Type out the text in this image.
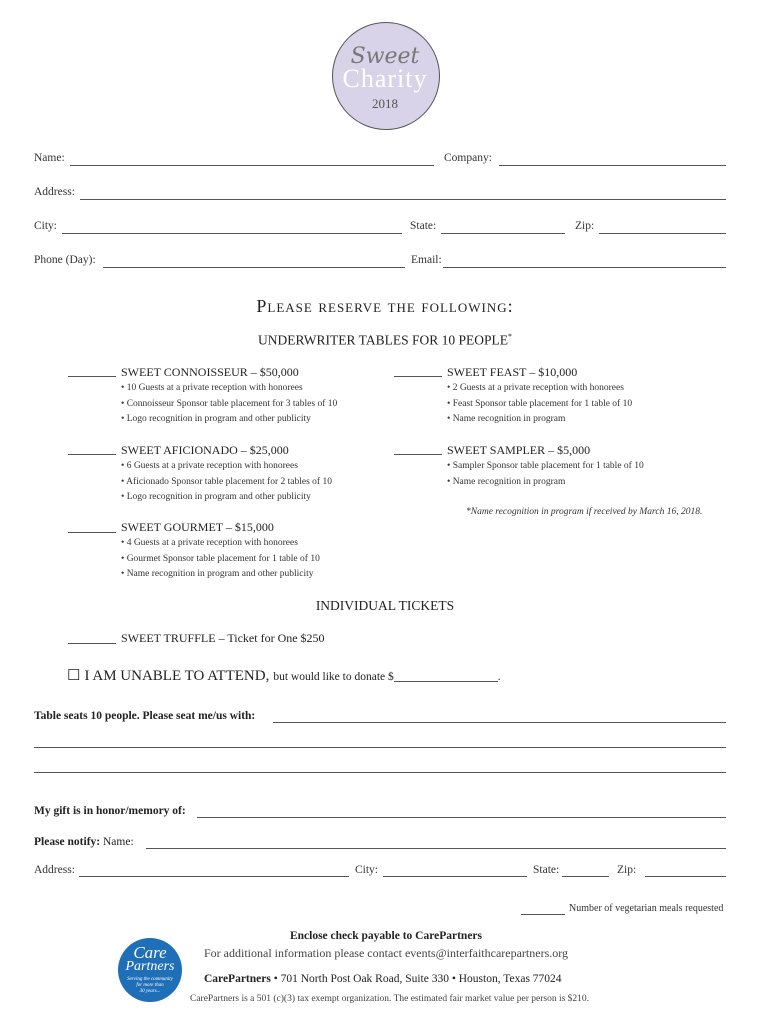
Sweet
Charity
2018
Name:	Company:
Address:
City:	State:	Zip:
Phone (Day):	Email:
Please reserve the following:
UNDERWRITER TABLES FOR 10 PEOPLE*
SWEET CONNOISSEUR – $50,000
• 10 Guests at a private reception with honorees
• Connoisseur Sponsor table placement for 3 tables of 10
• Logo recognition in program and other publicity
SWEET FEAST – $10,000
• 2 Guests at a private reception with honorees
• Feast Sponsor table placement for 1 table of 10
• Name recognition in program
SWEET AFICIONADO – $25,000
• 6 Guests at a private reception with honorees
• Aficionado Sponsor table placement for 2 tables of 10
• Logo recognition in program and other publicity
SWEET SAMPLER – $5,000
• Sampler Sponsor table placement for 1 table of 10
• Name recognition in program
*Name recognition in program if received by March 16, 2018.
SWEET GOURMET – $15,000
• 4 Guests at a private reception with honorees
• Gourmet Sponsor table placement for 1 table of 10
• Name recognition in program and other publicity
INDIVIDUAL TICKETS
SWEET TRUFFLE – Ticket for One $250
☐ I AM UNABLE TO ATTEND, but would like to donate $	.
Table seats 10 people. Please seat me/us with:
My gift is in honor/memory of:
Please notify: Name:
Address:	City:	State:	Zip:
Number of vegetarian meals requested
Care
Partners
Serving the community
for more than
30 years...
Enclose check payable to CarePartners
For additional information please contact events@interfaithcarepartners.org
CarePartners • 701 North Post Oak Road, Suite 330 • Houston, Texas 77024
CarePartners is a 501 (c)(3) tax exempt organization. The estimated fair market value per person is $210.
